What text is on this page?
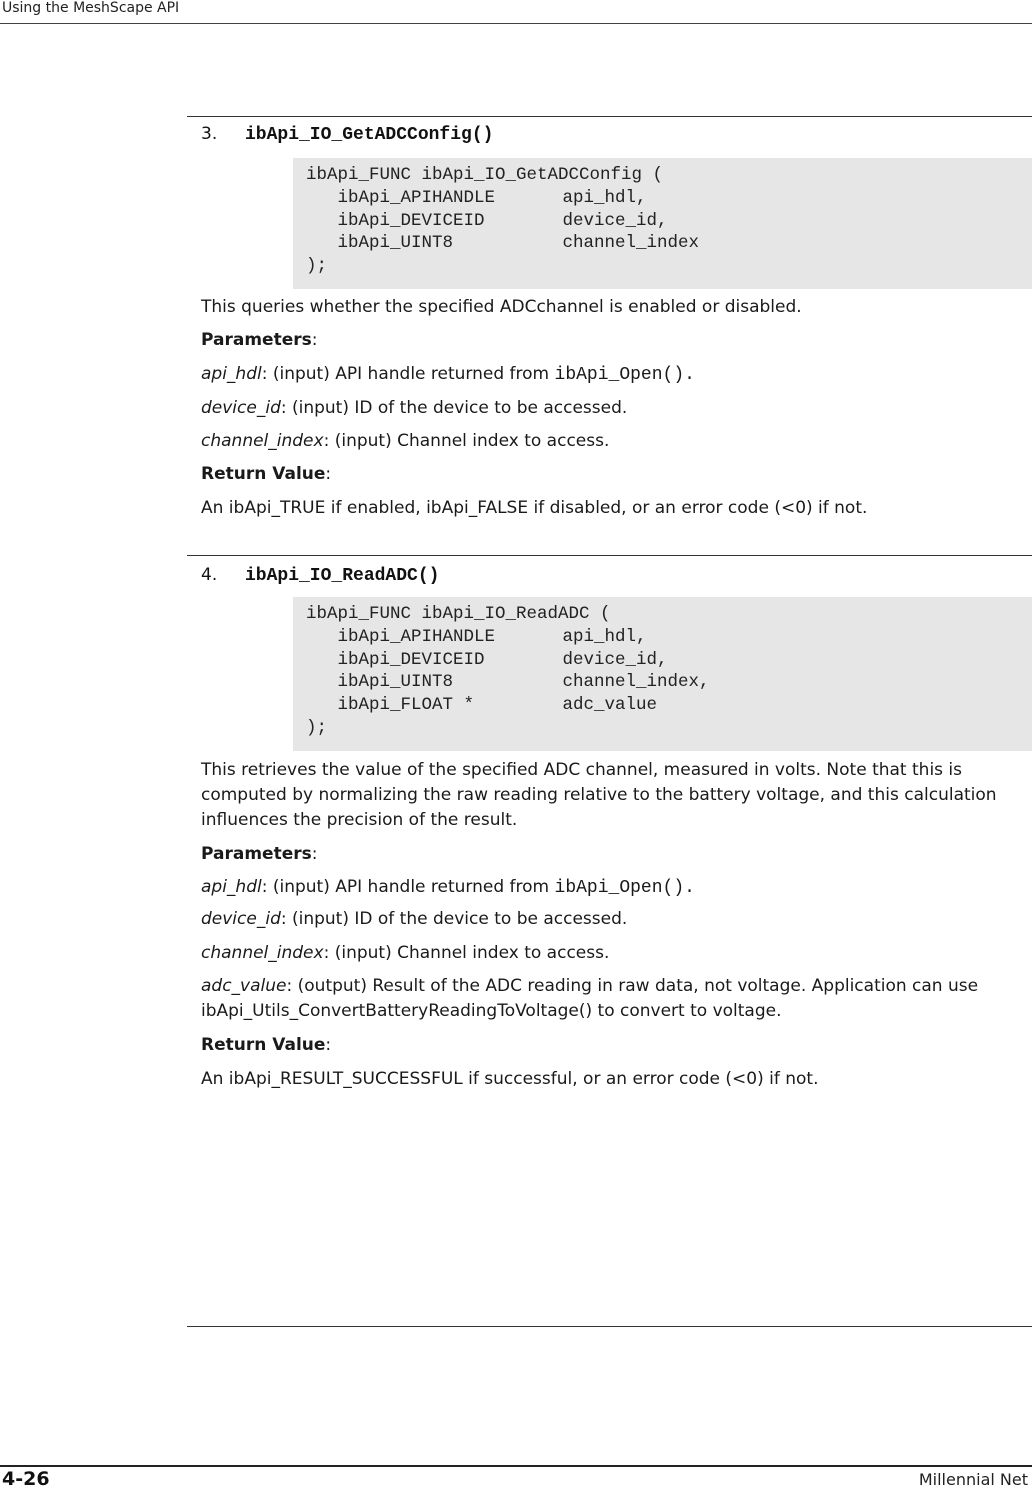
Using the MeshScape API
3. ibApi_IO_GetADCConfig()
ibApi_FUNC ibApi_IO_GetADCConfig (
ibApi_APIHANDLE	api_hdl,
ibApi_DEVICEID	device_id,
ibApi_UINT8	channel_index
);
This queries whether the specified ADCchannel is enabled or disabled.
Parameters:
api_hdl: (input) API handle returned from ibApi_Open().
device_id: (input) ID of the device to be accessed.
channel_index: (input) Channel index to access.
Return Value:
An ibApi_TRUE if enabled, ibApi_FALSE if disabled, or an error code (<0) if not.
4. ibApi_IO_ReadADC()
ibApi_FUNC ibApi_IO_ReadADC (
ibApi_APIHANDLE	api_hdl,
ibApi_DEVICEID	device_id,
ibApi_UINT8	channel_index,
ibApi_FLOAT *	adc_value
);
This retrieves the value of the specified ADC channel, measured in volts. Note that this is
computed by normalizing the raw reading relative to the battery voltage, and this calculation
influences the precision of the result.
Parameters:
api_hdl: (input) API handle returned from ibApi_Open().
device_id: (input) ID of the device to be accessed.
channel_index: (input) Channel index to access.
adc_value: (output) Result of the ADC reading in raw data, not voltage. Application can use
ibApi_Utils_ConvertBatteryReadingToVoltage() to convert to voltage.
Return Value:
An ibApi_RESULT_SUCCESSFUL if successful, or an error code (<0) if not.
4-26	Millennial Net
